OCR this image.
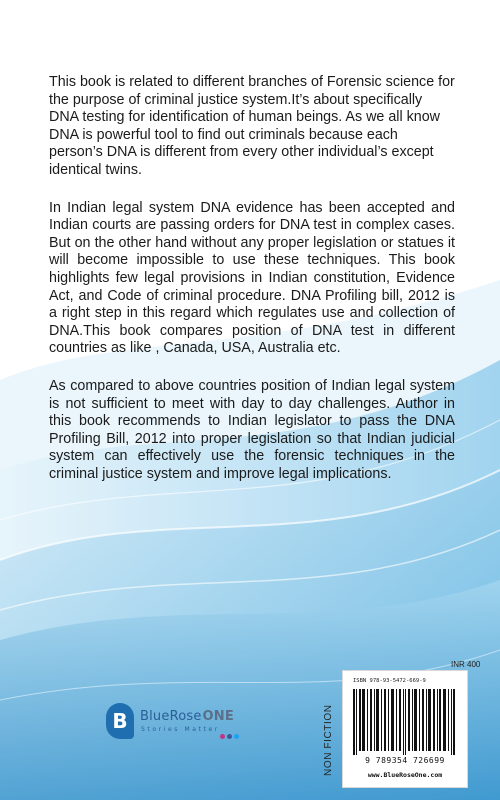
This book is related to different branches of Forensic science for the purpose of criminal justice system.It’s about specifically DNA testing for identification of human beings. As we all know DNA is powerful tool to find out criminals because each person’s DNA is different from every other individual’s except identical twins.

In Indian legal system DNA evidence has been accepted and Indian courts are passing orders for DNA test in complex cases. But on the other hand without any proper legislation or statues it will become impossible to use these techniques. This book highlights few legal provisions in Indian constitution, Evidence Act, and Code of criminal procedure. DNA Profiling bill, 2012 is a right step in this regard which regulates use and collection of DNA.This book compares position of DNA test in different countries as like , Canada, USA, Australia etc.

As compared to above countries position of Indian legal system is not sufficient to meet with day to day challenges. Author in this book recommends to Indian legislator to pass the DNA Profiling Bill, 2012 into proper legislation so that Indian judicial system can effectively use the forensic techniques in the criminal justice system and improve legal implications.

B BlueRoseONE
Stories Matter	NON FICTION
INR 400
ISBN 978-93-5472-669-9
9 789354 726699
www.BlueRoseOne.com
